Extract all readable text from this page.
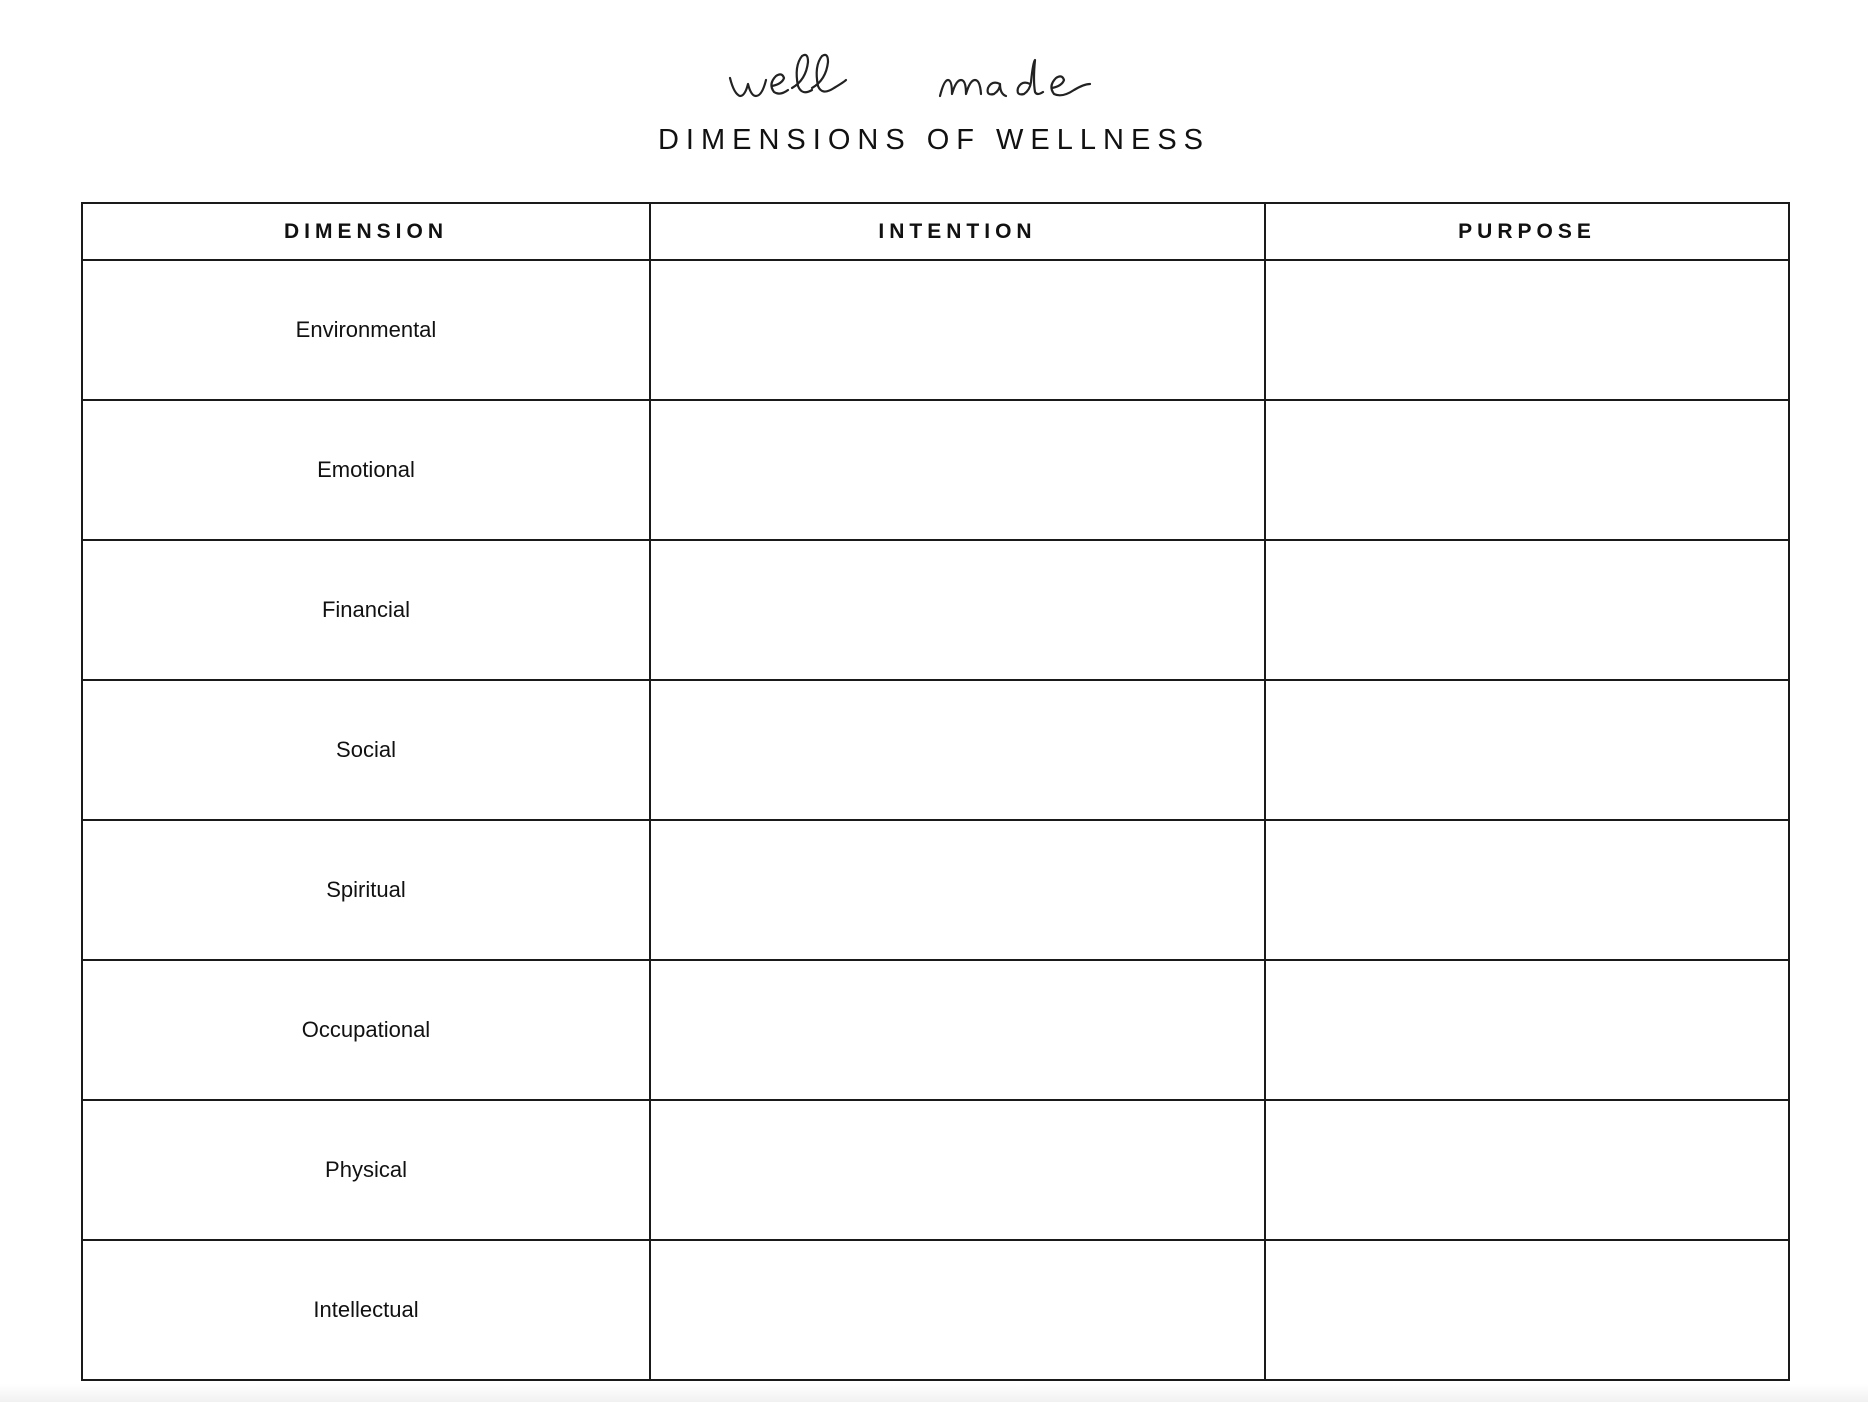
DIMENSIONS OF WELLNESS
DIMENSION	INTENTION	PURPOSE
Environmental	

Emotional	

Financial	

Social	

Spiritual	

Occupational	

Physical	

Intellectual	
